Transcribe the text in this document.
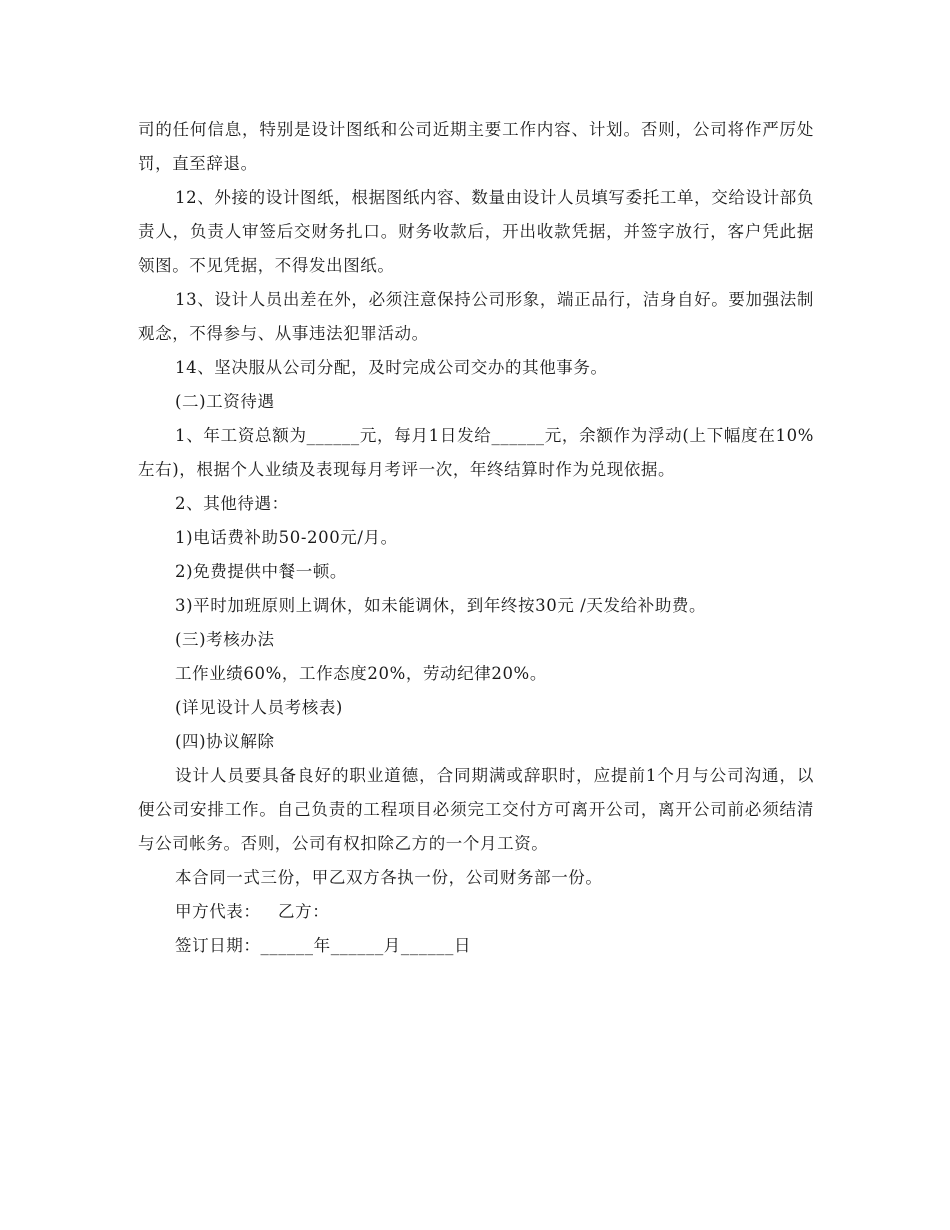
司的任何信息，特别是设计图纸和公司近期主要工作内容、计划。否则，公司将作严厉处罚，直至辞退。

12、外接的设计图纸，根据图纸内容、数量由设计人员填写委托工单，交给设计部负责人，负责人审签后交财务扎口。财务收款后，开出收款凭据，并签字放行，客户凭此据领图。不见凭据，不得发出图纸。

13、设计人员出差在外，必须注意保持公司形象，端正品行，洁身自好。要加强法制观念，不得参与、从事违法犯罪活动。

14、坚决服从公司分配，及时完成公司交办的其他事务。

(二)工资待遇

1、年工资总额为______元，每月1日发给______元，余额作为浮动(上下幅度在10%左右)，根据个人业绩及表现每月考评一次，年终结算时作为兑现依据。

2、其他待遇：

1)电话费补助50-200元/月。

2)免费提供中餐一顿。

3)平时加班原则上调休，如未能调休，到年终按30元 /天发给补助费。

(三)考核办法

工作业绩60%，工作态度20%，劳动纪律20%。

(详见设计人员考核表)

(四)协议解除

设计人员要具备良好的职业道德，合同期满或辞职时，应提前1个月与公司沟通，以便公司安排工作。自己负责的工程项目必须完工交付方可离开公司，离开公司前必须结清与公司帐务。否则，公司有权扣除乙方的一个月工资。

本合同一式三份，甲乙双方各执一份，公司财务部一份。

甲方代表：   乙方：

签订日期：______年______月______日
